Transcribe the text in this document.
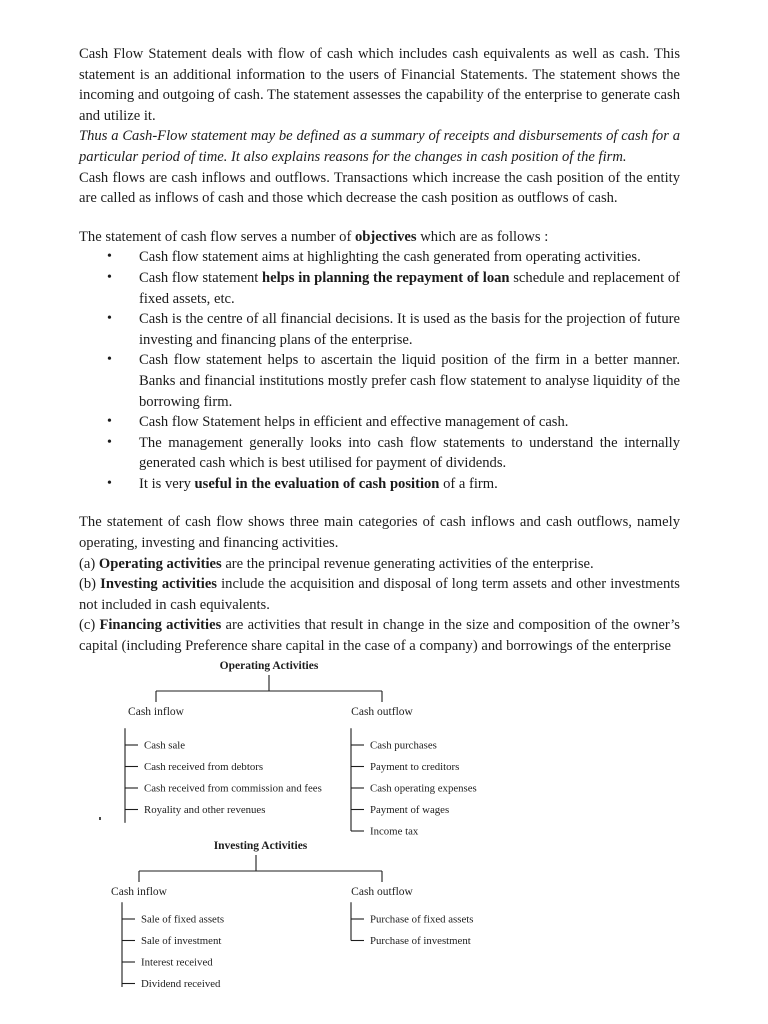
Cash Flow Statement deals with flow of cash which includes cash equivalents as well as cash. This statement is an additional information to the users of Financial Statements. The statement shows the incoming and outgoing of cash. The statement assesses the capability of the enterprise to generate cash and utilize it.

Thus a Cash-Flow statement may be defined as a summary of receipts and disbursements of cash for a particular period of time. It also explains reasons for the changes in cash position of the firm.

Cash flows are cash inflows and outflows. Transactions which increase the cash position of the entity are called as inflows of cash and those which decrease the cash position as outflows of cash.

The statement of cash flow serves a number of objectives which are as follows :

• Cash flow statement aims at highlighting the cash generated from operating activities.
• Cash flow statement helps in planning the repayment of loan schedule and replacement of fixed assets, etc.
• Cash is the centre of all financial decisions. It is used as the basis for the projection of future investing and financing plans of the enterprise.
• Cash flow statement helps to ascertain the liquid position of the firm in a better manner. Banks and financial institutions mostly prefer cash flow statement to analyse liquidity of the borrowing firm.
• Cash flow Statement helps in efficient and effective management of cash.
• The management generally looks into cash flow statements to understand the internally generated cash which is best utilised for payment of dividends.
• It is very useful in the evaluation of cash position of a firm.

The statement of cash flow shows three main categories of cash inflows and cash outflows, namely operating, investing and financing activities.

(a) Operating activities are the principal revenue generating activities of the enterprise.

(b) Investing activities include the acquisition and disposal of long term assets and other investments not included in cash equivalents.

(c) Financing activities are activities that result in change in the size and composition of the owner’s capital (including Preference share capital in the case of a company) and borrowings of the enterprise

Operating Activities
Cash inflow	Cash outflow
Cash sale
Cash received from debtors
Cash received from commission and fees
Royality and other revenues
Cash purchases
Payment to creditors
Cash operating expenses
Payment of wages
Income tax
Investing Activities
Cash inflow	Cash outflow
Sale of fixed assets
Sale of investment
Interest received
Dividend received
Purchase of fixed assets
Purchase of investment
